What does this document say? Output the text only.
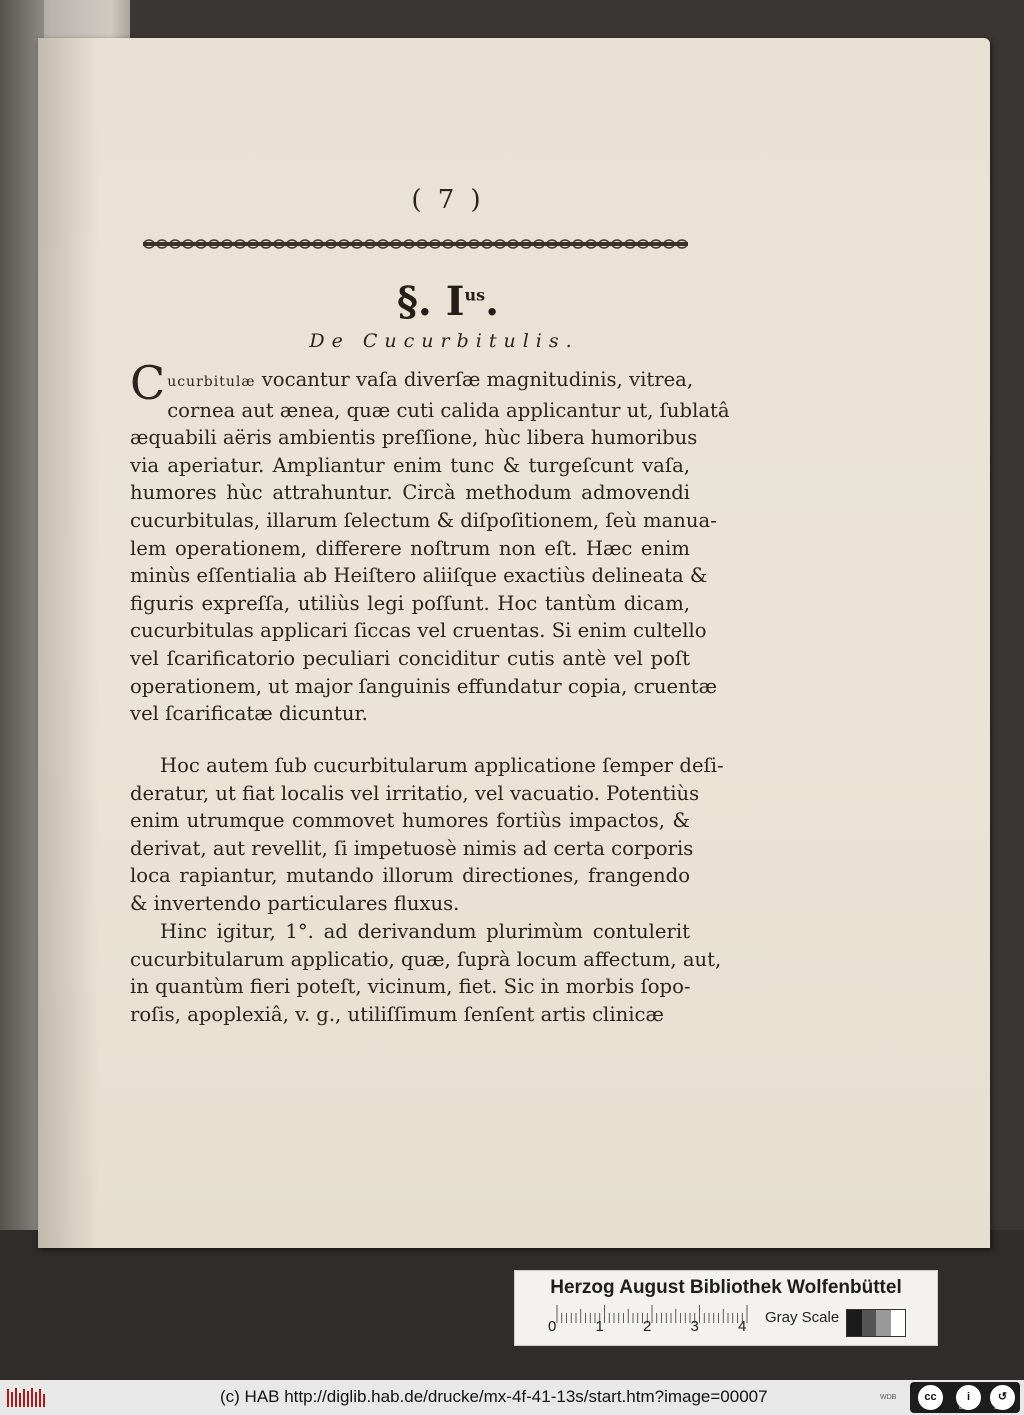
( 7 )
§. $I^{us}$.
De Cucurbitulis.
Cucurbitulæ vocantur vaſa diverſæ magnitudinis, vitrea,
cornea aut ænea, quæ cuti calida applicantur ut, ſublatâ
æquabili aëris ambientis preſſione, hùc libera humoribus
via aperiatur. Ampliantur enim tunc & turgeſcunt vaſa,
humores hùc attrahuntur. Circà methodum admovendi
cucurbitulas, illarum ſelectum & diſpoſitionem, ſeù manua-
lem operationem, differere noſtrum non eſt. Hæc enim
minùs eſſentialia ab Heiſtero aliiſque exactiùs delineata &
figuris expreſſa, utiliùs legi poſſunt. Hoc tantùm dicam,
cucurbitulas applicari ſiccas vel cruentas. Si enim cultello
vel ſcarificatorio peculiari conciditur cutis antè vel poſt
operationem, ut major ſanguinis effundatur copia, cruentæ
vel ſcarificatæ dicuntur.
Hoc autem ſub cucurbitularum applicatione ſemper deſi-
deratur, ut fiat localis vel irritatio, vel vacuatio. Potentiùs
enim utrumque commovet humores fortiùs impactos, &
derivat, aut revellit, ſi impetuosè nimis ad certa corporis
loca rapiantur, mutando illorum directiones, frangendo
& invertendo particulares fluxus.
Hinc igitur, 1°. ad derivandum plurimùm contulerit
cucurbitularum applicatio, quæ, ſuprà locum affectum, aut,
in quantùm fieri poteſt, vicinum, fiet. Sic in morbis ſopo-
roſis, apoplexiâ, v. g., utiliſſimum ſenſent artis clinicæ
Herzog August Bibliothek Wolfenbüttel
0	1	2	3	4
Gray Scale
(c) HAB http://diglib.hab.de/drucke/mx-4f-41-13s/start.htm?image=00007	WDB	cc	i	↺
BY	SA
